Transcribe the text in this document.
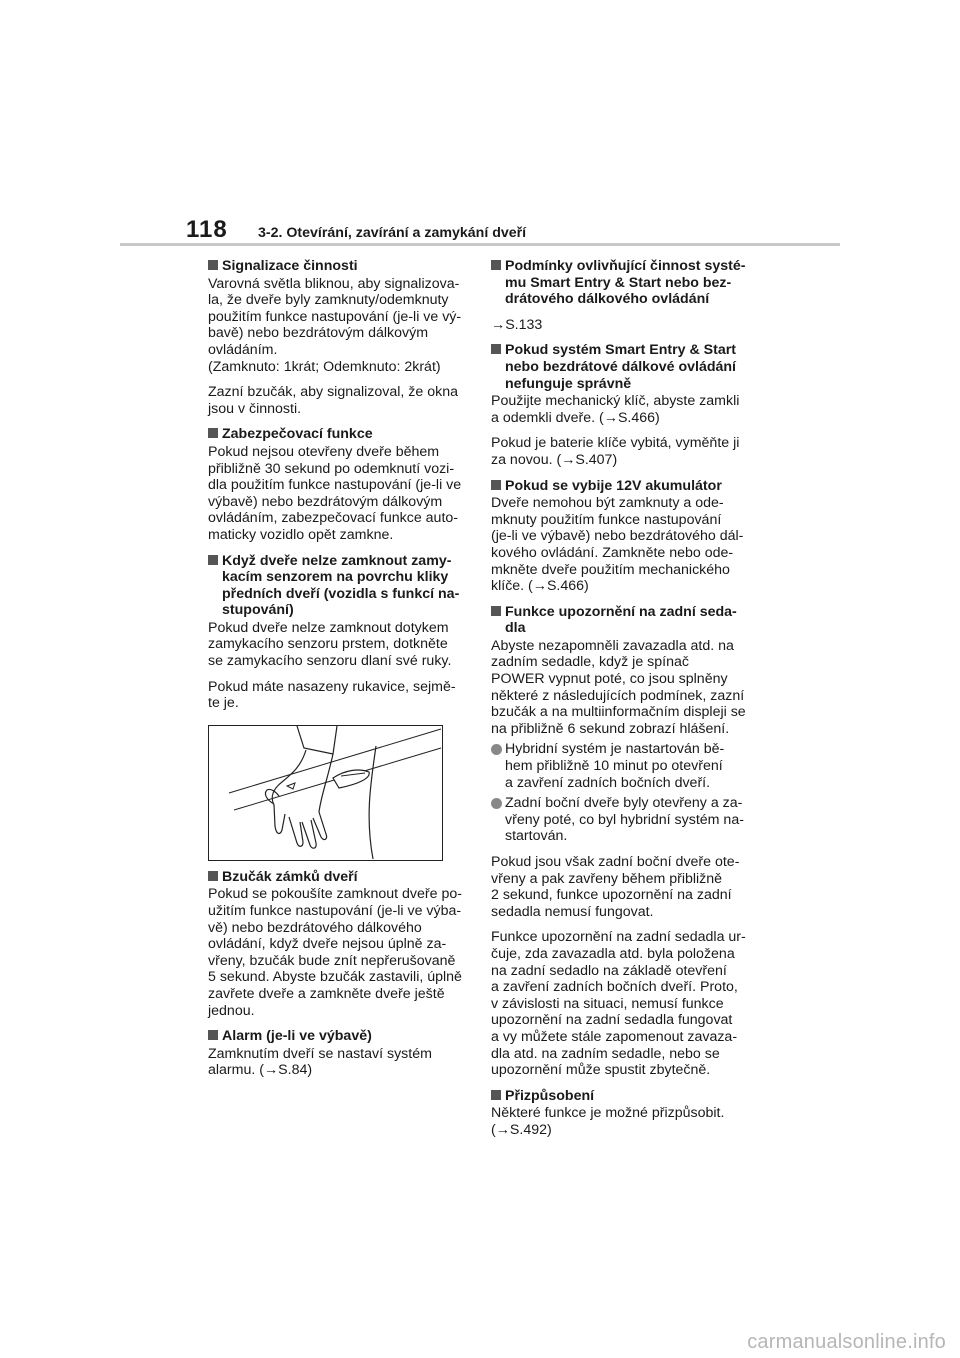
118	3-2. Otevírání, zavírání a zamykání dveří
Signalizace činnosti
Varovná světla bliknou, aby signalizova-
la, že dveře byly zamknuty/odemknuty
použitím funkce nastupování (je-li ve vý-
bavě) nebo bezdrátovým dálkovým
ovládáním.
(Zamknuto: 1krát; Odemknuto: 2krát)
Zazní bzučák, aby signalizoval, že okna
jsou v činnosti.
Zabezpečovací funkce
Pokud nejsou otevřeny dveře během
přibližně 30 sekund po odemknutí vozi-
dla použitím funkce nastupování (je-li ve
výbavě) nebo bezdrátovým dálkovým
ovládáním, zabezpečovací funkce auto-
maticky vozidlo opět zamkne.
Když dveře nelze zamknout zamy-
kacím senzorem na povrchu kliky
předních dveří (vozidla s funkcí na-
stupování)
Pokud dveře nelze zamknout dotykem
zamykacího senzoru prstem, dotkněte
se zamykacího senzoru dlaní své ruky.
Pokud máte nasazeny rukavice, sejmě-
te je.
Bzučák zámků dveří
Pokud se pokoušíte zamknout dveře po-
užitím funkce nastupování (je-li ve výba-
vě) nebo bezdrátového dálkového
ovládání, když dveře nejsou úplně za-
vřeny, bzučák bude znít nepřerušovaně
5 sekund. Abyste bzučák zastavili, úplně
zavřete dveře a zamkněte dveře ještě
jednou.
Alarm (je-li ve výbavě)
Zamknutím dveří se nastaví systém
alarmu. (→S.84)
Podmínky ovlivňující činnost systé-
mu Smart Entry & Start nebo bez-
drátového dálkového ovládání
→S.133
Pokud systém Smart Entry & Start
nebo bezdrátové dálkové ovládání
nefunguje správně
Použijte mechanický klíč, abyste zamkli
a odemkli dveře. (→S.466)
Pokud je baterie klíče vybitá, vyměňte ji
za novou. (→S.407)
Pokud se vybije 12V akumulátor
Dveře nemohou být zamknuty a ode-
mknuty použitím funkce nastupování
(je-li ve výbavě) nebo bezdrátového dál-
kového ovládání. Zamkněte nebo ode-
mkněte dveře použitím mechanického
klíče. (→S.466)
Funkce upozornění na zadní seda-
dla
Abyste nezapomněli zavazadla atd. na
zadním sedadle, když je spínač
POWER vypnut poté, co jsou splněny
některé z následujících podmínek, zazní
bzučák a na multiinformačním displeji se
na přibližně 6 sekund zobrazí hlášení.
Hybridní systém je nastartován bě-
hem přibližně 10 minut po otevření
a zavření zadních bočních dveří.
Zadní boční dveře byly otevřeny a za-
vřeny poté, co byl hybridní systém na-
startován.
Pokud jsou však zadní boční dveře ote-
vřeny a pak zavřeny během přibližně
2 sekund, funkce upozornění na zadní
sedadla nemusí fungovat.
Funkce upozornění na zadní sedadla ur-
čuje, zda zavazadla atd. byla položena
na zadní sedadlo na základě otevření
a zavření zadních bočních dveří. Proto,
v závislosti na situaci, nemusí funkce
upozornění na zadní sedadla fungovat
a vy můžete stále zapomenout zavaza-
dla atd. na zadním sedadle, nebo se
upozornění může spustit zbytečně.
Přizpůsobení
Některé funkce je možné přizpůsobit.
(→S.492)
carmanualsonline.info
